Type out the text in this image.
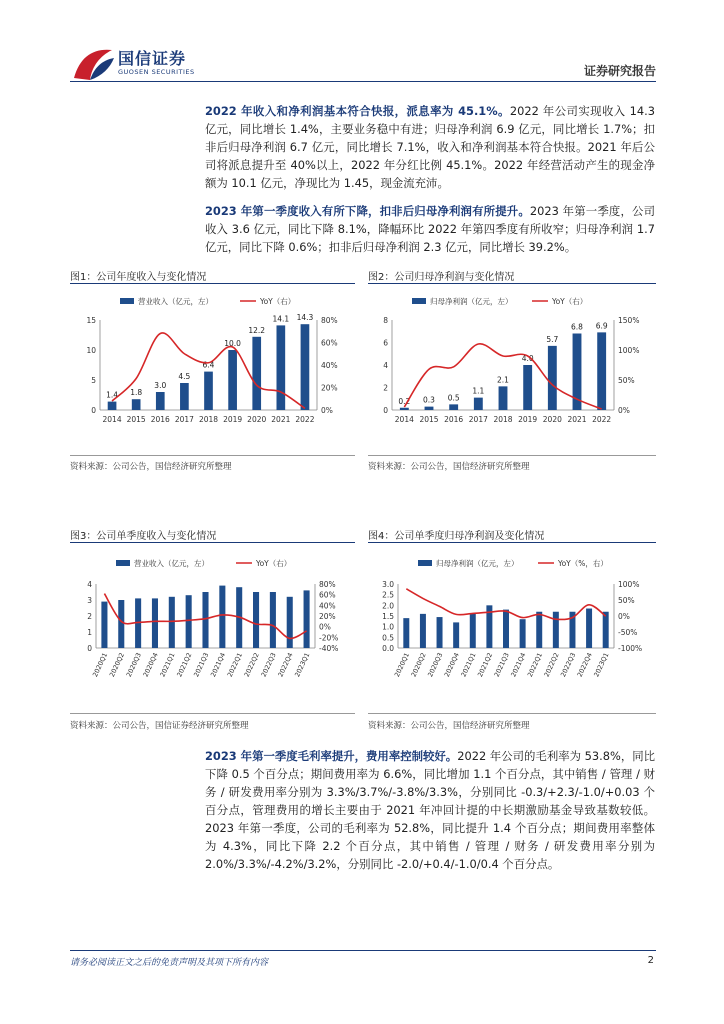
国信证券
GUOSEN SECURITIES	证券研究报告
2022 年收入和净利润基本符合快报，派息率为 45.1%。2022 年公司实现收入 14.3 亿元，同比增长 1.4%，主要业务稳中有进；归母净利润 6.9 亿元，同比增长 1.7%；扣非后归母净利润 6.7 亿元，同比增长 7.1%，收入和净利润基本符合快报。2021 年后公司将派息提升至 40%以上，2022 年分红比例 45.1%。2022 年经营活动产生的现金净额为 10.1 亿元，净现比为 1.45，现金流充沛。
2023 年第一季度收入有所下降，扣非后归母净利润有所提升。2023 年第一季度，公司收入 3.6 亿元，同比下降 8.1%，降幅环比 2022 年第四季度有所收窄；归母净利润 1.7 亿元，同比下降 0.6%；扣非后归母净利润 2.3 亿元，同比增长 39.2%。
图1：公司年度收入与变化情况
营业收入（亿元，左）	YoY（右）
0
5
10
15
0%
20%
40%
60%
80%
1.4 1.8
3.0
4.5
6.4
10.0
12.2
14.1 14.3
2014 2015 2016 2017 2018 2019 2020 2021 2022
资料来源：公司公告，国信经济研究所整理
图2：公司归母净利润与变化情况
归母净利润（亿元，左）	YoY（右）
0
2
4
6
8
0%
50%
100%
150%
0.2 0.3 0.5
1.1
2.1
4.0
5.7
6.8 6.9
2014 2015 2016 2017 2018 2019 2020 2021 2022
资料来源：公司公告，国信经济研究所整理
图3：公司单季度收入与变化情况
营业收入（亿元，左）	YoY（右）
0
1
2
3
4
-40%
-20%
0%
20%
40%
60%
80%
2020Q1
2020Q2
2020Q3
2020Q4
2021Q1
2021Q2
2021Q3
2021Q4
2022Q1
2022Q2
2022Q3
2022Q4
2023Q1
资料来源：公司公告，国信证券经济研究所整理
图4：公司单季度归母净利润及变化情况
归母净利润（亿元，左）	YoY（%，右）
0.0
0.5
1.0
1.5
2.0
2.5
3.0
-100%
-50%
0%
50%
100%
2020Q1
2020Q2
2020Q3
2020Q4
2021Q1
2021Q2
2021Q3
2021Q4
2022Q1
2022Q2
2022Q3
2022Q4
2023Q1
资料来源：公司公告，国信经济研究所整理
2023 年第一季度毛利率提升，费用率控制较好。2022 年公司的毛利率为 53.8%，同比下降 0.5 个百分点；期间费用率为 6.6%，同比增加 1.1 个百分点，其中销售 / 管理 / 财务 / 研发费用率分别为 3.3%/3.7%/-3.8%/3.3%，分别同比 -0.3/+2.3/-1.0/+0.03 个百分点，管理费用的增长主要由于 2021 年冲回计提的中长期激励基金导致基数较低。2023 年第一季度，公司的毛利率为 52.8%，同比提升 1.4 个百分点；期间费用率整体为 4.3%，同比下降 2.2 个百分点，其中销售 / 管理 / 财务 / 研发费用率分别为 2.0%/3.3%/-4.2%/3.2%，分别同比 -2.0/+0.4/-1.0/0.4 个百分点。
请务必阅读正文之后的免责声明及其项下所有内容	2
